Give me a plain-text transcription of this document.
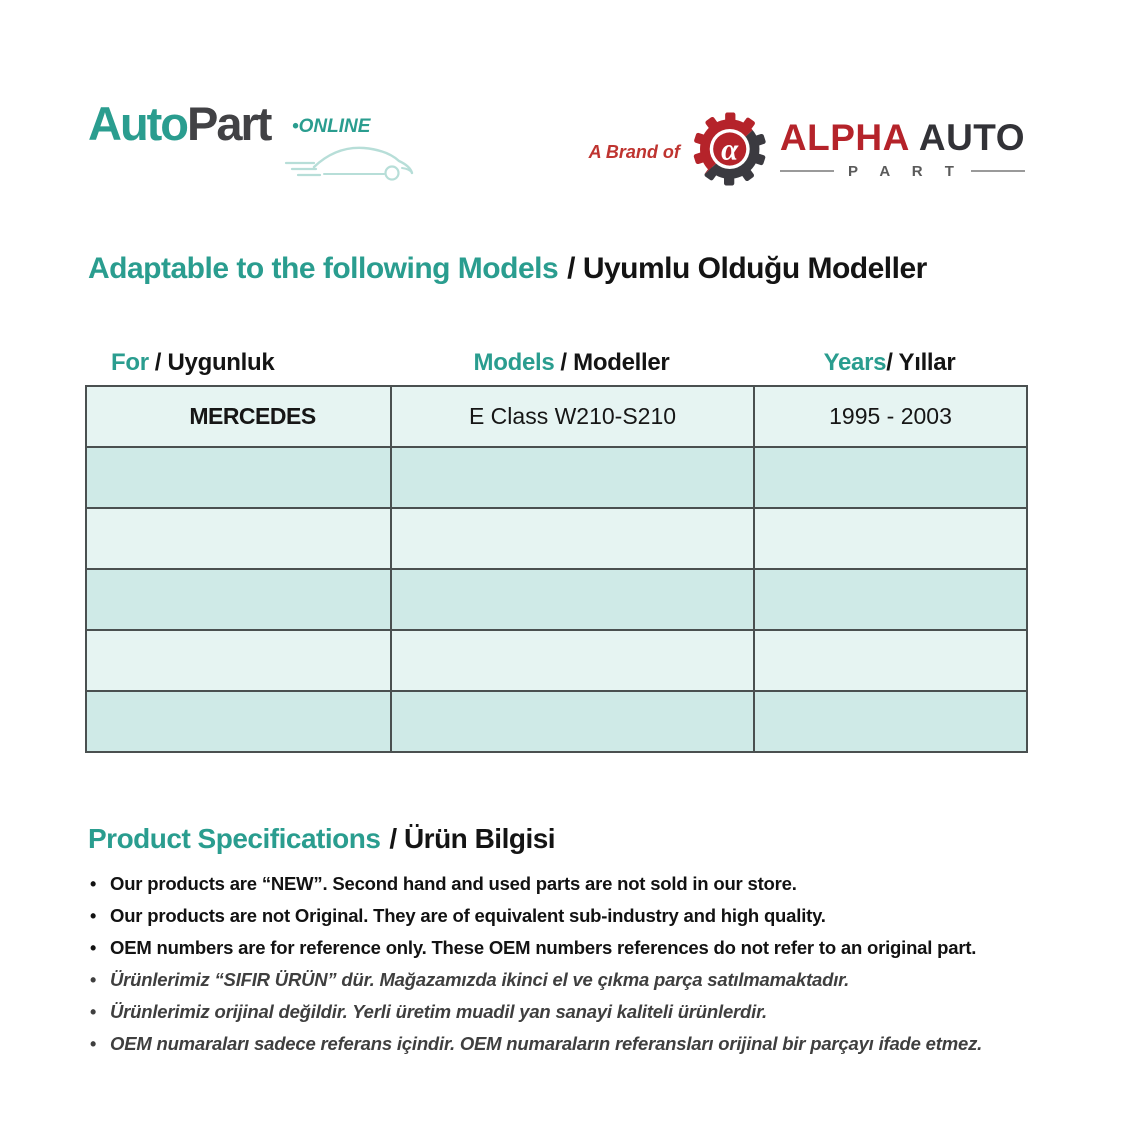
AutoPart •ONLINE
A Brand of α ALPHA AUTO
P A R T
Adaptable to the following Models / Uyumlu Olduğu Modeller
For / Uygunluk	Models / Modeller	Years/ Yıllar
MERCEDES	E Class W210-S210	1995 - 2003

Product Specifications / Ürün Bilgisi
• Our products are “NEW”. Second hand and used parts are not sold in our store.
• Our products are not Original. They are of equivalent sub-industry and high quality.
• OEM numbers are for reference only. These OEM numbers references do not refer to an original part.
• Ürünlerimiz “SIFIR ÜRÜN” dür. Mağazamızda ikinci el ve çıkma parça satılmamaktadır.
• Ürünlerimiz orijinal değildir. Yerli üretim muadil yan sanayi kaliteli ürünlerdir.
• OEM numaraları sadece referans içindir. OEM numaraların referansları orijinal bir parçayı ifade etmez.
